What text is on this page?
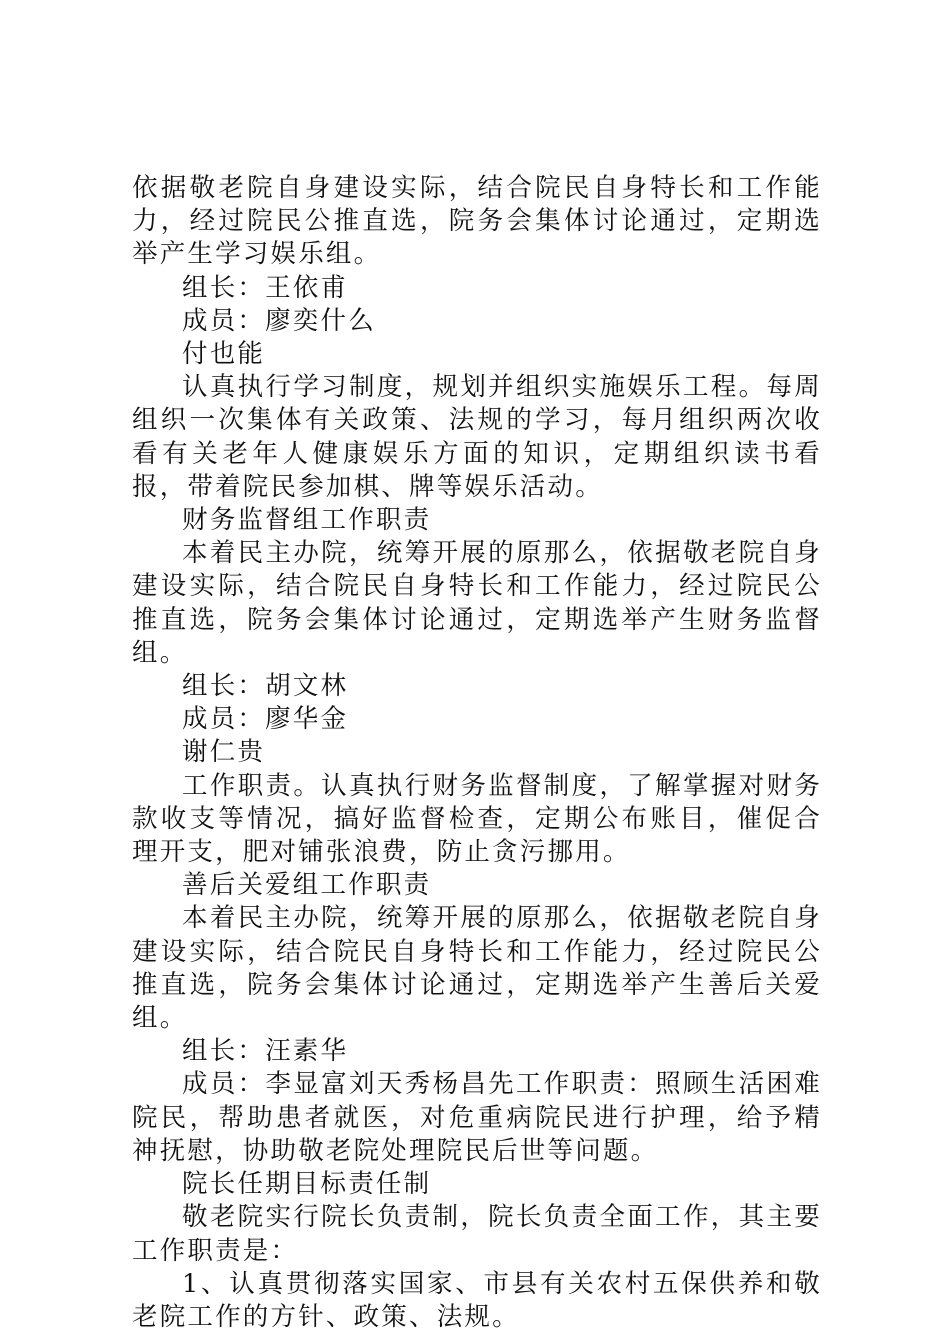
依据敬老院自身建设实际，结合院民自身特长和工作能力，经过院民公推直选，院务会集体讨论通过，定期选举产生学习娱乐组。

组长：王依甫

成员：廖奕什么

付也能

认真执行学习制度，规划并组织实施娱乐工程。每周组织一次集体有关政策、法规的学习，每月组织两次收看有关老年人健康娱乐方面的知识，定期组织读书看报，带着院民参加棋、牌等娱乐活动。

财务监督组工作职责

本着民主办院，统筹开展的原那么，依据敬老院自身建设实际，结合院民自身特长和工作能力，经过院民公推直选，院务会集体讨论通过，定期选举产生财务监督组。

组长：胡文林

成员：廖华金

谢仁贵

工作职责。认真执行财务监督制度，了解掌握对财务款收支等情况，搞好监督检查，定期公布账目，催促合理开支，肥对铺张浪费，防止贪污挪用。

善后关爱组工作职责

本着民主办院，统筹开展的原那么，依据敬老院自身建设实际，结合院民自身特长和工作能力，经过院民公推直选，院务会集体讨论通过，定期选举产生善后关爱组。

组长：汪素华

成员：李显富刘天秀杨昌先工作职责：照顾生活困难院民，帮助患者就医，对危重病院民进行护理，给予精神抚慰，协助敬老院处理院民后世等问题。

院长任期目标责任制

敬老院实行院长负责制，院长负责全面工作，其主要工作职责是：

1、认真贯彻落实国家、市县有关农村五保供养和敬老院工作的方针、政策、法规。
